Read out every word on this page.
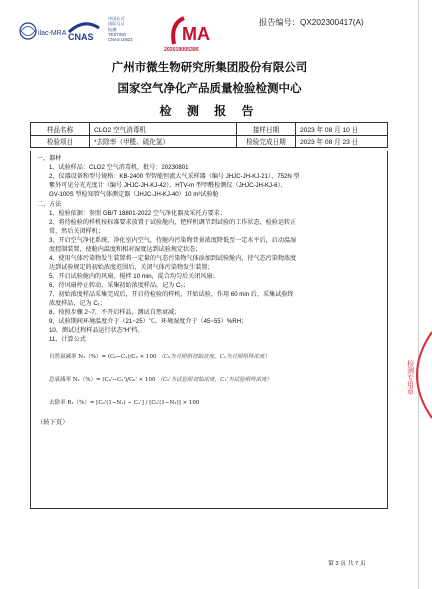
ilac-MRA CNAS
中国认可
国际互认
检测
TESTING
CNAS L0623	MA
202019005395
报告编号：QX202300417(A)
广州市微生物研究所集团股份有限公司
国家空气净化产品质量检验检测中心
检 测 报 告
样品名称	CLO2 空气消毒机	接样日期	2023 年 08 月 10 日
检验项目	*去除率（甲醛、硫化氢）	检验完成日期	2023 年 08 月 23 日
一、器材
1、试验样品：CLO2 空气消毒机，批号：20230801
2、仪器设备和型号规格：KB-2400 型智能恒流大气采样器（编号 JHJC-JH-KJ-21）、752N 型
紫外可见分光光度计（编号 JHJC-JH-KJ-42）、HTV-m 型甲醛检测仪（JHJC-JH-KJ-6）、
GV-100S 型检知管气体测定器（JHJC-JH-KJ-40）10 m³试验舱
二、方法
1、检验依据：参照 GB/T 18801-2022 空气净化器及采托方要求；
2、将待检验的样机按标准要求放置于试验舱内，把样机调节到试验的工作状态，检验运转正
常，然后关闭样机；
3、开启空气净化系统，净化室内空气，待舱内污染物背景浓度降低至一定水平后，启动温湿
度控制装置，使舱内温度和相对湿度达到试验规定状态；
4、使用气体污染物发生装置将一定量的气态污染物气体添加到试验舱内，待气态污染物浓度
达到试验规定的初始浓度范围后，关闭气体污染物发生装置；
5、开启试验舱内的风扇，搅拌 10 min，混合均匀后关闭风扇；
6、待风扇停止转动，采集初始浓度样品，记为 C₀；
7、初始浓度样品采集完成后，开启待检验的样机，开始试验，作用 60 min 后，采集试验终
浓度样品，记为 C₁；
8、按照步骤 2~7，不开启样品，测试自然衰减；
9、试验期间环境温度介于（21~25）℃，环境湿度介于（45~55）%RH；
10、测试过程样品运行状态“H”档。
11、计算公式
自然衰减率 N₁（%）= (C₀−C₁)/C₀ × 100 （C₀为对照组初始浓度，C₁为对照组终浓度）
总衰减率 N₂（%）= (C₀'−C₁')/C₀' × 100 （C₀'为试验组初始浓度，C₁'为试验组终浓度）
去除率 R₁（%）= [C₀'(1−N₁) − C₁'] / [C₀'(1−N₁)] × 100
（转下页）
第 3 页 共 7 页
检测专用章
